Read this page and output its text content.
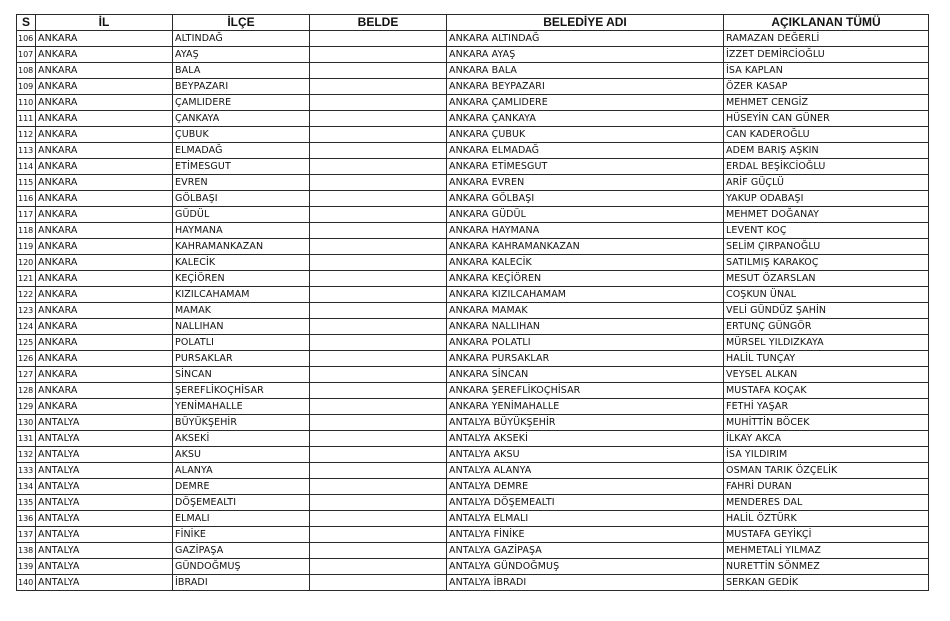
S	İL	İLÇE	BELDE	BELEDİYE ADI	AÇIKLANAN TÜMÜ
106	ANKARA	ALTINDAĞ		ANKARA ALTINDAĞ	RAMAZAN DEĞERLİ
107	ANKARA	AYAŞ		ANKARA AYAŞ	İZZET DEMİRCİOĞLU
108	ANKARA	BALA		ANKARA BALA	İSA KAPLAN
109	ANKARA	BEYPAZARI		ANKARA BEYPAZARI	ÖZER KASAP
110	ANKARA	ÇAMLIDERE		ANKARA ÇAMLIDERE	MEHMET CENGİZ
111	ANKARA	ÇANKAYA		ANKARA ÇANKAYA	HÜSEYİN CAN GÜNER
112	ANKARA	ÇUBUK		ANKARA ÇUBUK	CAN KADEROĞLU
113	ANKARA	ELMADAĞ		ANKARA ELMADAĞ	ADEM BARIŞ AŞKIN
114	ANKARA	ETİMESGUT		ANKARA ETİMESGUT	ERDAL BEŞİKCİOĞLU
115	ANKARA	EVREN		ANKARA EVREN	ARİF GÜÇLÜ
116	ANKARA	GÖLBAŞI		ANKARA GÖLBAŞI	YAKUP ODABAŞI
117	ANKARA	GÜDÜL		ANKARA GÜDÜL	MEHMET DOĞANAY
118	ANKARA	HAYMANA		ANKARA HAYMANA	LEVENT KOÇ
119	ANKARA	KAHRAMANKAZAN		ANKARA KAHRAMANKAZAN	SELİM ÇIRPANOĞLU
120	ANKARA	KALECİK		ANKARA KALECİK	SATILMIŞ KARAKOÇ
121	ANKARA	KEÇİÖREN		ANKARA KEÇİÖREN	MESUT ÖZARSLAN
122	ANKARA	KIZILCAHAMAM		ANKARA KIZILCAHAMAM	COŞKUN ÜNAL
123	ANKARA	MAMAK		ANKARA MAMAK	VELİ GÜNDÜZ ŞAHİN
124	ANKARA	NALLIHAN		ANKARA NALLIHAN	ERTUNÇ GÜNGÖR
125	ANKARA	POLATLI		ANKARA POLATLI	MÜRSEL YILDIZKAYA
126	ANKARA	PURSAKLAR		ANKARA PURSAKLAR	HALİL TUNÇAY
127	ANKARA	SİNCAN		ANKARA SİNCAN	VEYSEL ALKAN
128	ANKARA	ŞEREFLİKOÇHİSAR		ANKARA ŞEREFLİKOÇHİSAR	MUSTAFA KOÇAK
129	ANKARA	YENİMAHALLE		ANKARA YENİMAHALLE	FETHİ YAŞAR
130	ANTALYA	BÜYÜKŞEHİR		ANTALYA BÜYÜKŞEHİR	MUHİTTİN BÖCEK
131	ANTALYA	AKSEKİ		ANTALYA AKSEKİ	İLKAY AKCA
132	ANTALYA	AKSU		ANTALYA AKSU	İSA YILDIRIM
133	ANTALYA	ALANYA		ANTALYA ALANYA	OSMAN TARIK ÖZÇELİK
134	ANTALYA	DEMRE		ANTALYA DEMRE	FAHRİ DURAN
135	ANTALYA	DÖŞEMEALTI		ANTALYA DÖŞEMEALTI	MENDERES DAL
136	ANTALYA	ELMALI		ANTALYA ELMALI	HALİL ÖZTÜRK
137	ANTALYA	FİNİKE		ANTALYA FİNİKE	MUSTAFA GEYİKÇİ
138	ANTALYA	GAZİPAŞA		ANTALYA GAZİPAŞA	MEHMETALİ YILMAZ
139	ANTALYA	GÜNDOĞMUŞ		ANTALYA GÜNDOĞMUŞ	NURETTİN SÖNMEZ
140	ANTALYA	İBRADI		ANTALYA İBRADI	SERKAN GEDİK
